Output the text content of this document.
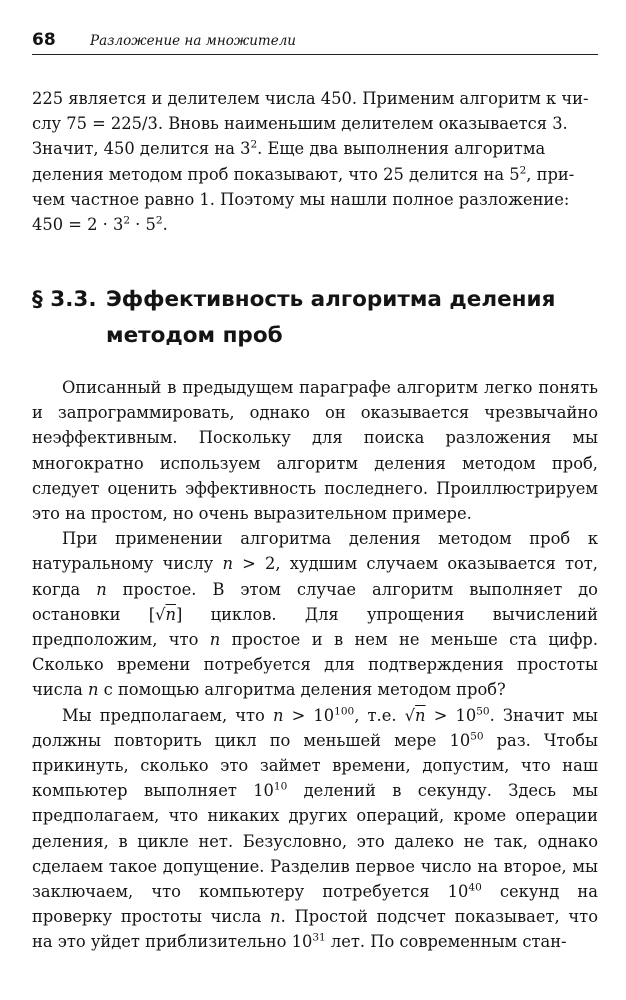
68	Разложение на множители

225 является и делителем числа 450. Применим алгоритм к чи-
слу 75 = 225/3. Вновь наименьшим делителем оказывается 3.
Значит, 450 делится на $3^2$. Еще два выполнения алгоритма
деления методом проб показывают, что 25 делится на $5^2$, при-
чем частное равно 1. Поэтому мы нашли полное разложение:
$450 = 2 \cdot 3^2 \cdot 5^2$.

§ 3.3. Эффективность алгоритма деления
методом проб

Описанный в предыдущем параграфе алгоритм легко понять и запрограммировать, однако он оказывается чрезвычайно неэффективным. Поскольку для поиска разложения мы многократно используем алгоритм деления методом проб, следует оценить эффективность последнего. Проиллюстрируем это на простом, но очень выразительном примере.

При применении алгоритма деления методом проб к натуральному числу n > 2, худшим случаем оказывается тот, когда n простое. В этом случае алгоритм выполняет до остановки [√n] циклов. Для упрощения вычислений предположим, что n простое и в нем не меньше ста цифр. Сколько времени потребуется для подтверждения простоты числа n с помощью алгоритма деления методом проб?

Мы предполагаем, что $n > 10^{100}$, т.е. $√n > 10^{50}$. Значит мы должны повторить цикл по меньшей мере $10^{50}$ раз. Чтобы прикинуть, сколько это займет времени, допустим, что наш компьютер выполняет $10^{10}$ делений в секунду. Здесь мы предполагаем, что никаких других операций, кроме операции деления, в цикле нет. Безусловно, это далеко не так, однако сделаем такое допущение. Разделив первое число на второе, мы заключаем, что компьютеру потребуется $10^{40}$ секунд на проверку простоты числа n. Простой подсчет показывает, что на это уйдет приблизительно $10^{31}$ лет. По современным стан-
